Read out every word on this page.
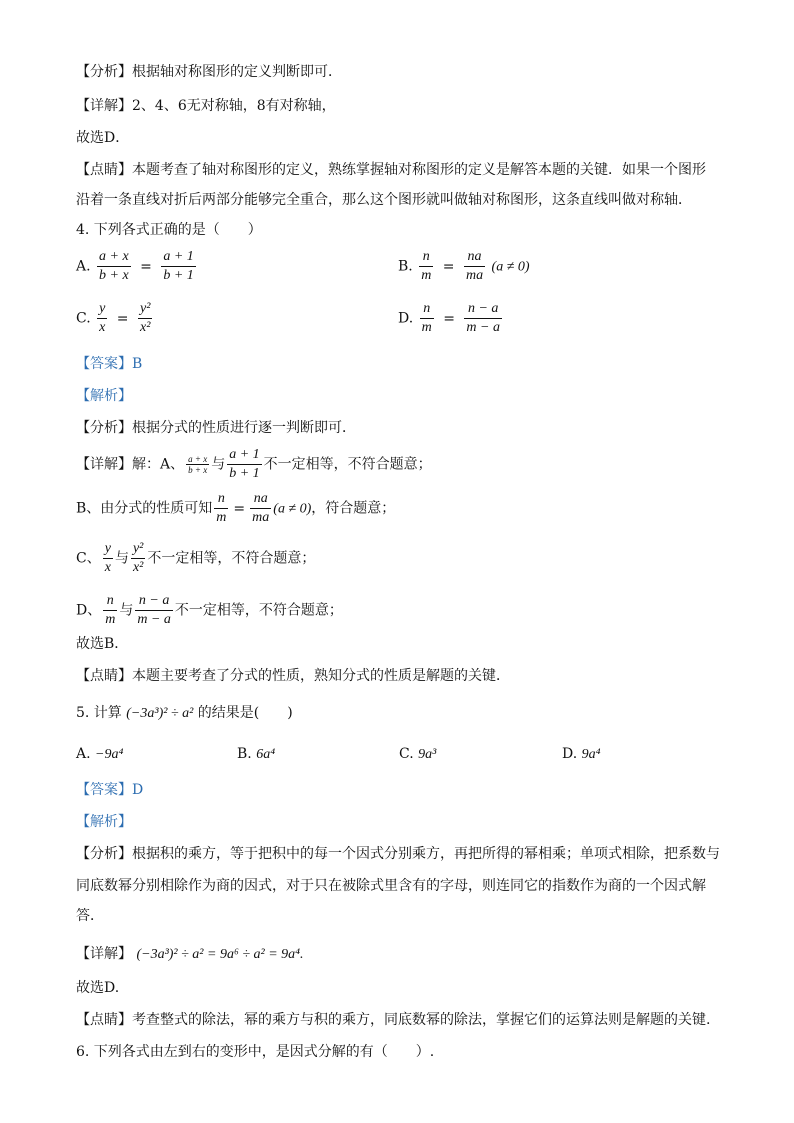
【分析】根据轴对称图形的定义判断即可．
【详解】2、4、6无对称轴，8有对称轴，
故选D．
【点睛】本题考查了轴对称图形的定义，熟练掌握轴对称图形的定义是解答本题的关键．如果一个图形
沿着一条直线对折后两部分能够完全重合，那么这个图形就叫做轴对称图形，这条直线叫做对称轴．
4. 下列各式正确的是（　　）
A. $\frac{a + x}{b + x} = \frac{a + 1}{b + 1}$	B. $\frac{n}{m} = \frac{na}{ma} (a \ne 0)$
C. $\frac{y}{x} = \frac{\text{y²}}{\text{x²}}$	D. $\frac{n}{m} = \frac{n - a}{m - a}$
【答案】B
【解析】
【分析】根据分式的性质进行逐一判断即可．
【详解】解：A、 $\frac{a + x}{b + x}$ 与 $\frac{a + 1}{b + 1}$ 不一定相等，不符合题意；
B、由分式的性质可知 $\frac{n}{m} = \frac{na}{ma} (a \ne 0)$，符合题意；
C、 $\frac{y}{x}$ 与 $\frac{\text{y²}}{\text{x²}}$ 不一定相等，不符合题意；
D、 $\frac{n}{m}$ 与 $\frac{n - a}{m - a}$ 不一定相等，不符合题意；
故选B．
【点睛】本题主要考查了分式的性质，熟知分式的性质是解题的关键．
5. 计算 (−3a³)² ÷ a² 的结果是(　　)
A. −9a⁴	B. 6a⁴	C. 9a³	D. 9a⁴
【答案】D
【解析】
【分析】根据积的乘方，等于把积中的每一个因式分别乘方，再把所得的幂相乘；单项式相除，把系数与
同底数幂分别相除作为商的因式，对于只在被除式里含有的字母，则连同它的指数作为商的一个因式解
答．
【详解】 (−3a³)² ÷ a² = 9a⁶ ÷ a² = 9a⁴.
故选D.
【点睛】考查整式的除法，幂的乘方与积的乘方，同底数幂的除法，掌握它们的运算法则是解题的关键.
6. 下列各式由左到右的变形中，是因式分解的有（　　）.
